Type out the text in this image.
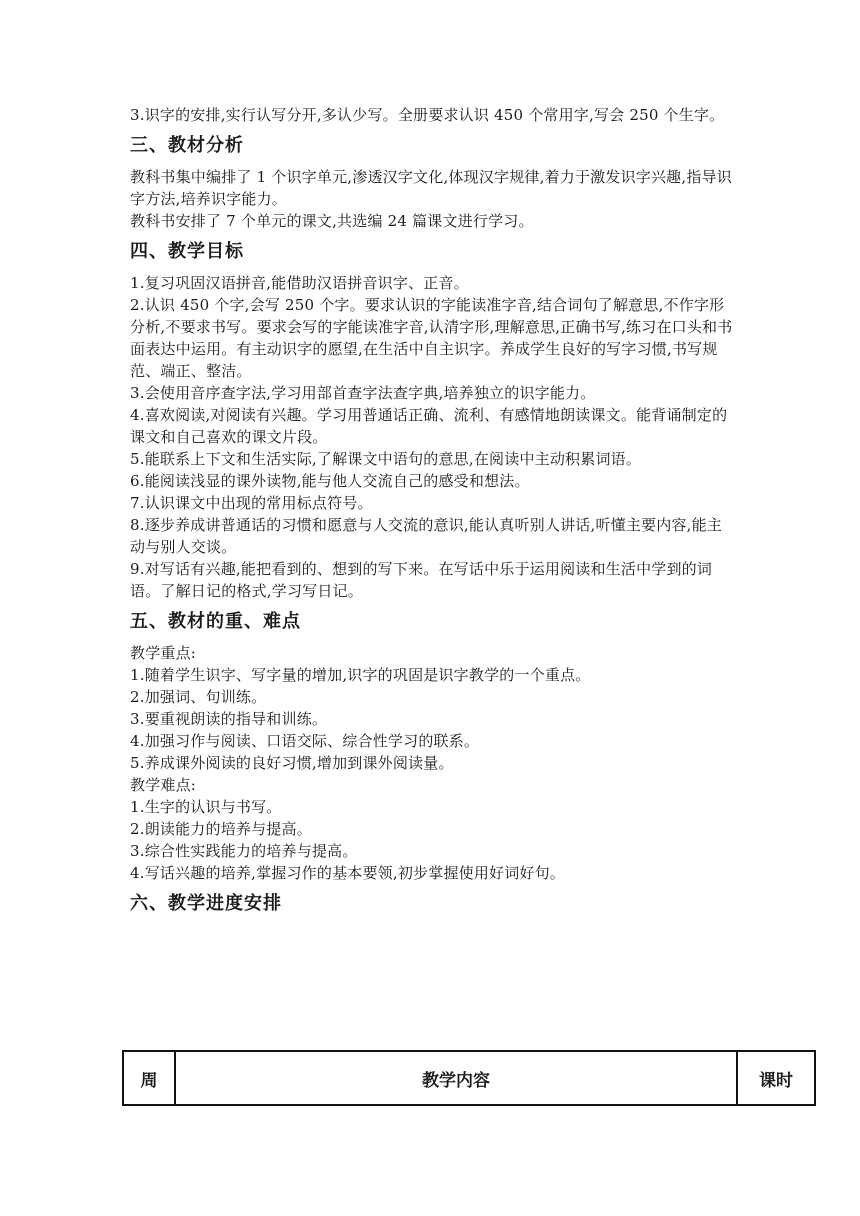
3.识字的安排,实行认写分开,多认少写。全册要求认识 450 个常用字,写会 250 个生字。

三、教材分析

教科书集中编排了 1 个识字单元,渗透汉字文化,体现汉字规律,着力于激发识字兴趣,指导识字方法,培养识字能力。

教科书安排了 7 个单元的课文,共选编 24 篇课文进行学习。

四、教学目标

1.复习巩固汉语拼音,能借助汉语拼音识字、正音。

2.认识 450 个字,会写 250 个字。要求认识的字能读准字音,结合词句了解意思,不作字形分析,不要求书写。要求会写的字能读准字音,认清字形,理解意思,正确书写,练习在口头和书面表达中运用。有主动识字的愿望,在生活中自主识字。养成学生良好的写字习惯,书写规范、端正、整洁。

3.会使用音序查字法,学习用部首查字法查字典,培养独立的识字能力。

4.喜欢阅读,对阅读有兴趣。学习用普通话正确、流利、有感情地朗读课文。能背诵制定的课文和自己喜欢的课文片段。

5.能联系上下文和生活实际,了解课文中语句的意思,在阅读中主动积累词语。

6.能阅读浅显的课外读物,能与他人交流自己的感受和想法。

7.认识课文中出现的常用标点符号。

8.逐步养成讲普通话的习惯和愿意与人交流的意识,能认真听别人讲话,听懂主要内容,能主动与别人交谈。

9.对写话有兴趣,能把看到的、想到的写下来。在写话中乐于运用阅读和生活中学到的词语。了解日记的格式,学习写日记。

五、教材的重、难点

教学重点:

1.随着学生识字、写字量的增加,识字的巩固是识字教学的一个重点。

2.加强词、句训练。

3.要重视朗读的指导和训练。

4.加强习作与阅读、口语交际、综合性学习的联系。

5.养成课外阅读的良好习惯,增加到课外阅读量。

教学难点:

1.生字的认识与书写。

2.朗读能力的培养与提高。

3.综合性实践能力的培养与提高。

4.写话兴趣的培养,掌握习作的基本要领,初步掌握使用好词好句。

六、教学进度安排
周	教学内容	课时
